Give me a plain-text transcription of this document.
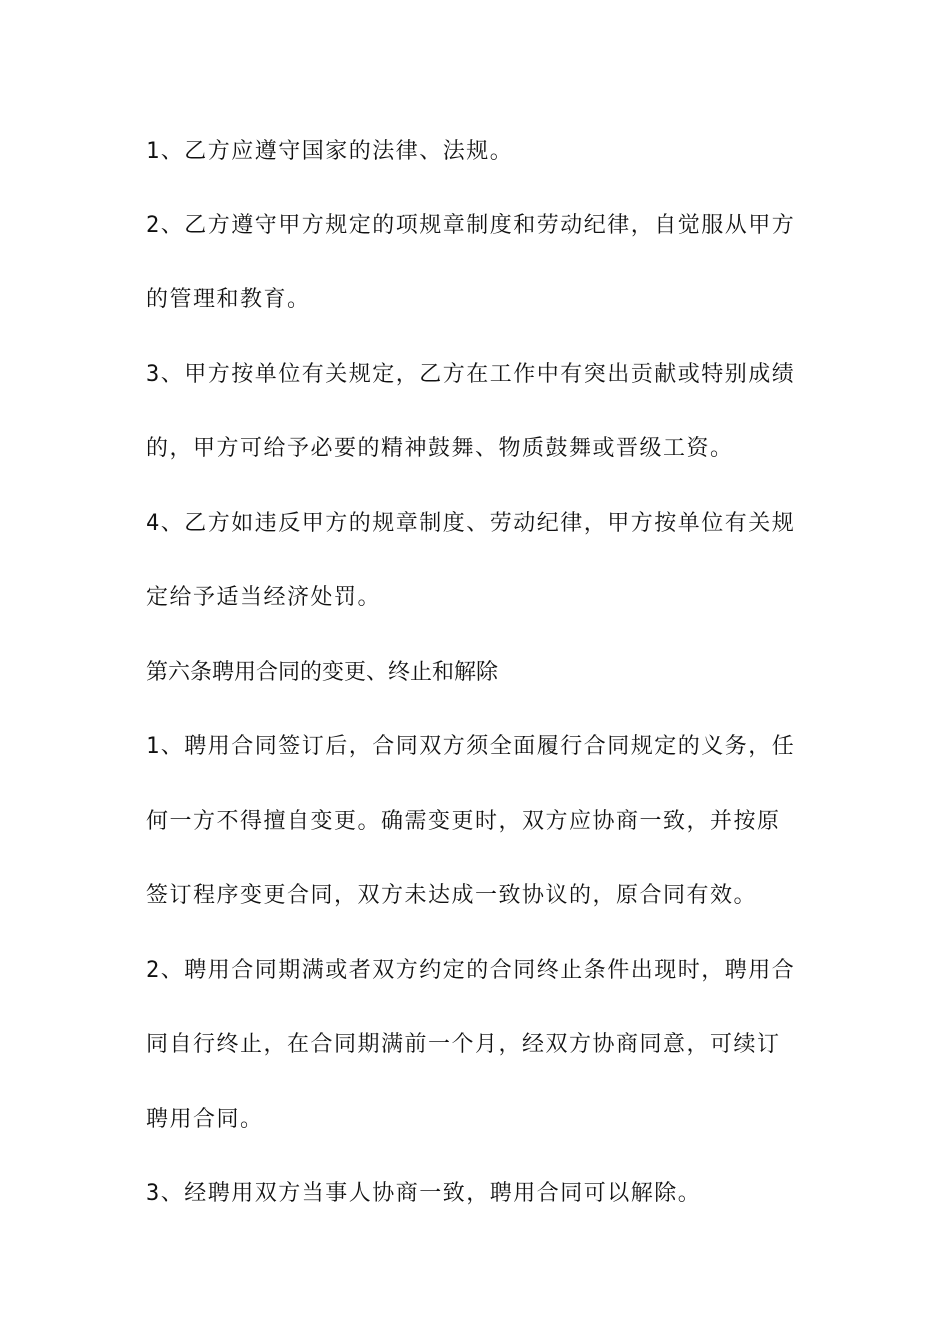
1、乙方应遵守国家的法律、法规。
2、乙方遵守甲方规定的项规章制度和劳动纪律，自觉服从甲方
的管理和教育。
3、甲方按单位有关规定，乙方在工作中有突出贡献或特别成绩
的，甲方可给予必要的精神鼓舞、物质鼓舞或晋级工资。
4、乙方如违反甲方的规章制度、劳动纪律，甲方按单位有关规
定给予适当经济处罚。
第六条聘用合同的变更、终止和解除
1、聘用合同签订后，合同双方须全面履行合同规定的义务，任
何一方不得擅自变更。确需变更时，双方应协商一致，并按原
签订程序变更合同，双方未达成一致协议的，原合同有效。
2、聘用合同期满或者双方约定的合同终止条件出现时，聘用合
同自行终止，在合同期满前一个月，经双方协商同意，可续订
聘用合同。
3、经聘用双方当事人协商一致，聘用合同可以解除。
